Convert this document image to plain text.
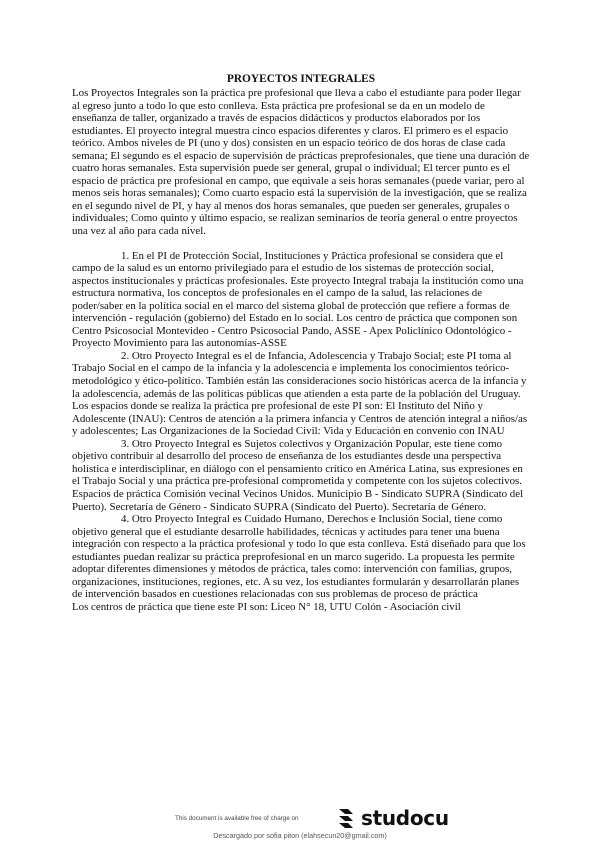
PROYECTOS INTEGRALES

Los Proyectos Integrales son la práctica pre profesional que lleva a cabo el estudiante para poder llegar al egreso junto a todo lo que esto conlleva. Esta práctica pre profesional se da en un modelo de enseñanza de taller, organizado a través de espacios didácticos y productos elaborados por los estudiantes. El proyecto integral muestra cinco espacios diferentes y claros. El primero es el espacio teórico. Ambos niveles de PI (uno y dos) consisten en un espacio teórico de dos horas de clase cada semana; El segundo es el espacio de supervisión de prácticas preprofesionales, que tiene una duración de cuatro horas semanales. Esta supervisión puede ser general, grupal o individual; El tercer punto es el espacio de práctica pre profesional en campo, que equivale a seis horas semanales (puede variar, pero al menos seis horas semanales); Como cuarto espacio está la supervisión de la investigación, que se realiza en el segundo nivel de PI, y hay al menos dos horas semanales, que pueden ser generales, grupales o individuales; Como quinto y último espacio, se realizan seminarios de teoría general o entre proyectos una vez al año para cada nivel.

1. En el PI de Protección Social, Instituciones y Práctica profesional se considera que el campo de la salud es un entorno privilegiado para el estudio de los sistemas de protección social, aspectos institucionales y prácticas profesionales. Este proyecto Integral trabaja la institución como una estructura normativa, los conceptos de profesionales en el campo de la salud, las relaciones de poder/saber en la política social en el marco del sistema global de protección que refiere a formas de intervención - regulación (gobierno) del Estado en lo social. Los centro de práctica que componen son Centro Psicosocial Montevideo - Centro Psicosocial Pando, ASSE - Apex Policlínico Odontológico - Proyecto Movimiento para las autonomías-ASSE

2. Otro Proyecto Integral es el de Infancia, Adolescencia y Trabajo Social; este PI toma al Trabajo Social en el campo de la infancia y la adolescencia e implementa los conocimientos teórico-metodológico y ético-político. También están las consideraciones socio históricas acerca de la infancia y la adolescencia, además de las políticas públicas que atienden a esta parte de la población del Uruguay.

Los espacios donde se realiza la práctica pre profesional de este PI son: El Instituto del Niño y Adolescente (INAU): Centros de atención a la primera infancia y Centros de atención integral a niños/as y adolescentes; Las Organizaciones de la Sociedad Civil: Vida y Educación en convenio con INAU

3. Otro Proyecto Integral es Sujetos colectivos y Organización Popular, este tiene como objetivo contribuir al desarrollo del proceso de enseñanza de los estudiantes desde una perspectiva holística e interdisciplinar, en diálogo con el pensamiento crítico en América Latina, sus expresiones en el Trabajo Social y una práctica pre-profesional comprometida y competente con los sujetos colectivos.

Espacios de práctica Comisión vecinal Vecinos Unidos. Municipio B - Sindicato SUPRA (Sindicato del Puerto). Secretaría de Género - Sindicato SUPRA (Sindicato del Puerto). Secretaría de Género.

4. Otro Proyecto Integral es Cuidado Humano, Derechos e Inclusión Social, tiene como objetivo general que el estudiante desarrolle habilidades, técnicas y actitudes para tener una buena integración con respecto a la práctica profesional y todo lo que esta conlleva. Está diseñado para que los estudiantes puedan realizar su práctica preprofesional en un marco sugerido. La propuesta les permite adoptar diferentes dimensiones y métodos de práctica, tales como: intervención con familias, grupos, organizaciones, instituciones, regiones, etc. A su vez, los estudiantes formularán y desarrollarán planes de intervención basados en cuestiones relacionadas con sus problemas de proceso de práctica

Los centros de práctica que tiene este PI son: Liceo N° 18, UTU Colón - Asociación civil

This document is available free of charge on	studocu
Descargado por sofia piton (elahsecun20@gmail.com)
